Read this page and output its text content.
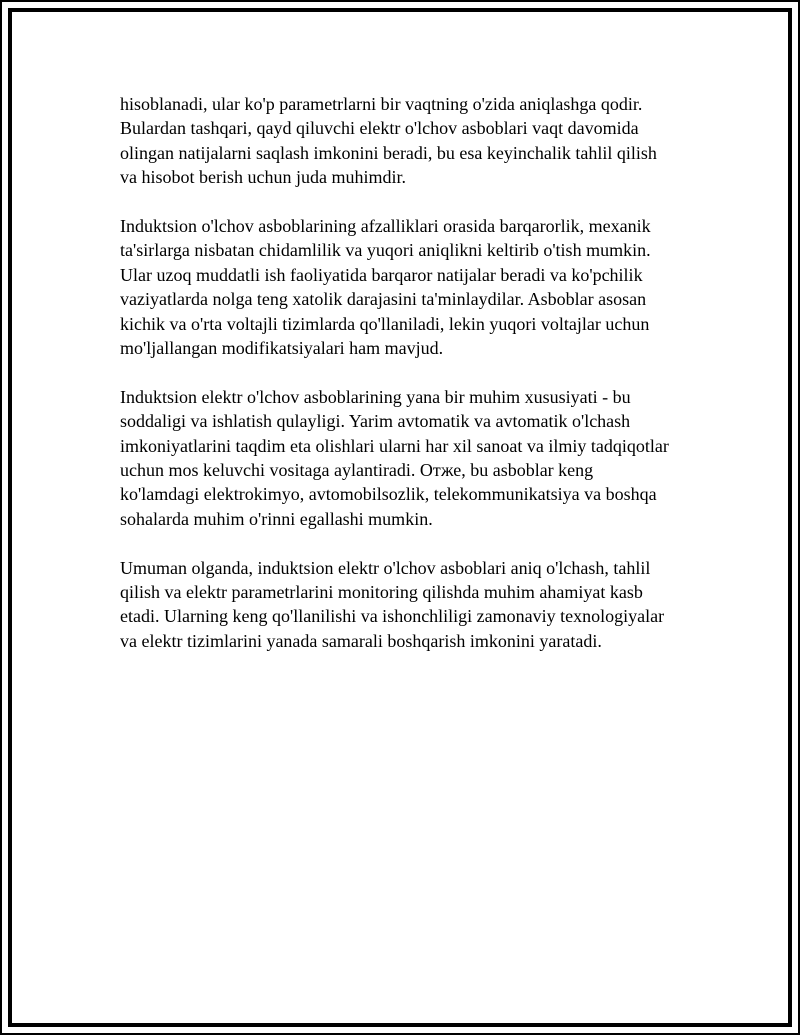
hisoblanadi, ular ko'p parametrlarni bir vaqtning o'zida aniqlashga qodir.
Bulardan tashqari, qayd qiluvchi elektr o'lchov asboblari vaqt davomida
olingan natijalarni saqlash imkonini beradi, bu esa keyinchalik tahlil qilish
va hisobot berish uchun juda muhimdir.

Induktsion o'lchov asboblarining afzalliklari orasida barqarorlik, mexanik
ta'sirlarga nisbatan chidamlilik va yuqori aniqlikni keltirib o'tish mumkin.
Ular uzoq muddatli ish faoliyatida barqaror natijalar beradi va ko'pchilik
vaziyatlarda nolga teng xatolik darajasini ta'minlaydilar. Asboblar asosan
kichik va o'rta voltajli tizimlarda qo'llaniladi, lekin yuqori voltajlar uchun
mo'ljallangan modifikatsiyalari ham mavjud.

Induktsion elektr o'lchov asboblarining yana bir muhim xususiyati - bu
soddaligi va ishlatish qulayligi. Yarim avtomatik va avtomatik o'lchash
imkoniyatlarini taqdim eta olishlari ularni har xil sanoat va ilmiy tadqiqotlar
uchun mos keluvchi vositaga aylantiradi. Отже, bu asboblar keng
ko'lamdagi elektrokimyo, avtomobilsozlik, telekommunikatsiya va boshqa
sohalarda muhim o'rinni egallashi mumkin.

Umuman olganda, induktsion elektr o'lchov asboblari aniq o'lchash, tahlil
qilish va elektr parametrlarini monitoring qilishda muhim ahamiyat kasb
etadi. Ularning keng qo'llanilishi va ishonchliligi zamonaviy texnologiyalar
va elektr tizimlarini yanada samarali boshqarish imkonini yaratadi.
